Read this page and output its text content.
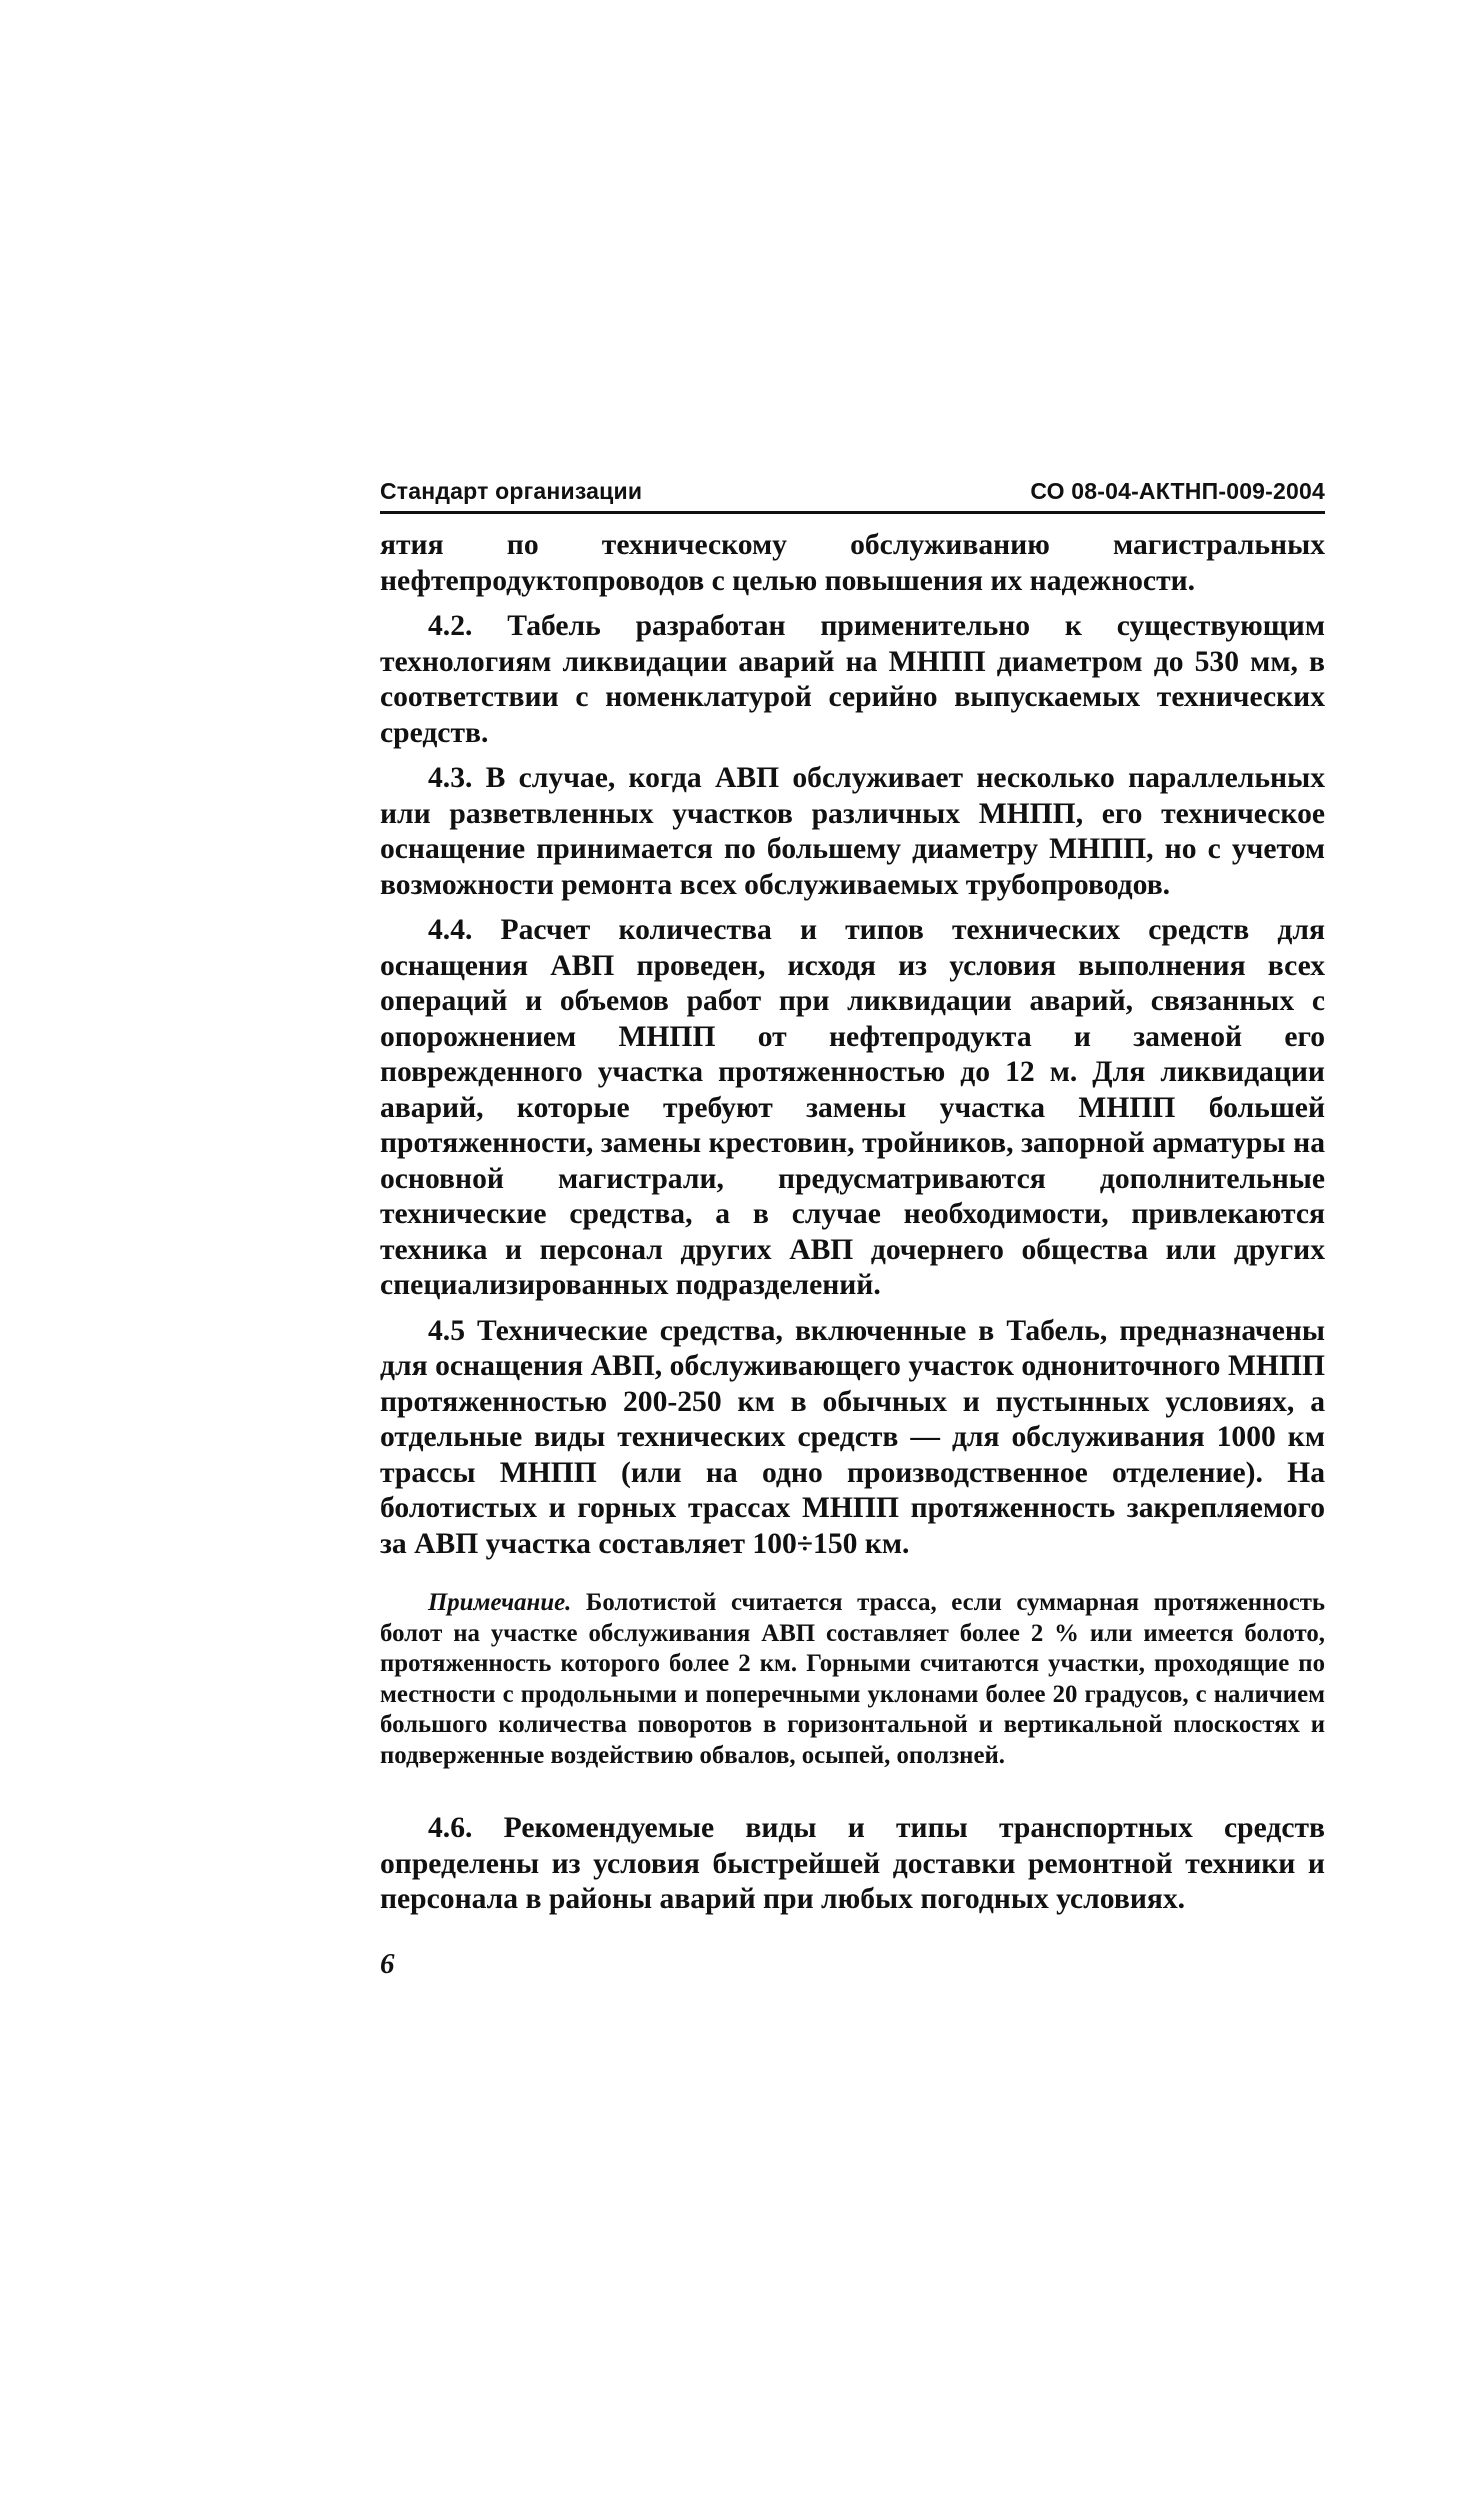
Стандарт организации	СО 08-04-АКТНП-009-2004

ятия по техническому обслуживанию магистральных нефтепродуктопроводов с целью повышения их надежности.

4.2. Табель разработан применительно к существующим технологиям ликвидации аварий на МНПП диаметром до 530 мм, в соответствии с номенклатурой серийно выпускаемых технических средств.

4.3. В случае, когда АВП обслуживает несколько параллельных или разветвленных участков различных МНПП, его техническое оснащение принимается по большему диаметру МНПП, но с учетом возможности ремонта всех обслуживаемых трубопроводов.

4.4. Расчет количества и типов технических средств для оснащения АВП проведен, исходя из условия выполнения всех операций и объемов работ при ликвидации аварий, связанных с опорожнением МНПП от нефтепродукта и заменой его поврежденного участка протяженностью до 12 м. Для ликвидации аварий, которые требуют замены участка МНПП большей протяженности, замены крестовин, тройников, запорной арматуры на основной магистрали, предусматриваются дополнительные технические средства, а в случае необходимости, привлекаются техника и персонал других АВП дочернего общества или других специализированных подразделений.

4.5 Технические средства, включенные в Табель, предназначены для оснащения АВП, обслуживающего участок однониточного МНПП протяженностью 200-250 км в обычных и пустынных условиях, а отдельные виды технических средств — для обслуживания 1000 км трассы МНПП (или на одно производственное отделение). На болотистых и горных трассах МНПП протяженность закрепляемого за АВП участка составляет 100÷150 км.

Примечание. Болотистой считается трасса, если суммарная протяженность болот на участке обслуживания АВП составляет более 2 % или имеется болото, протяженность которого более 2 км. Горными считаются участки, проходящие по местности с продольными и поперечными уклонами более 20 градусов, с наличием большого количества поворотов в горизонтальной и вертикальной плоскостях и подверженные воздействию обвалов, осыпей, оползней.

4.6. Рекомендуемые виды и типы транспортных средств определены из условия быстрейшей доставки ремонтной техники и персонала в районы аварий при любых погодных условиях.

6
